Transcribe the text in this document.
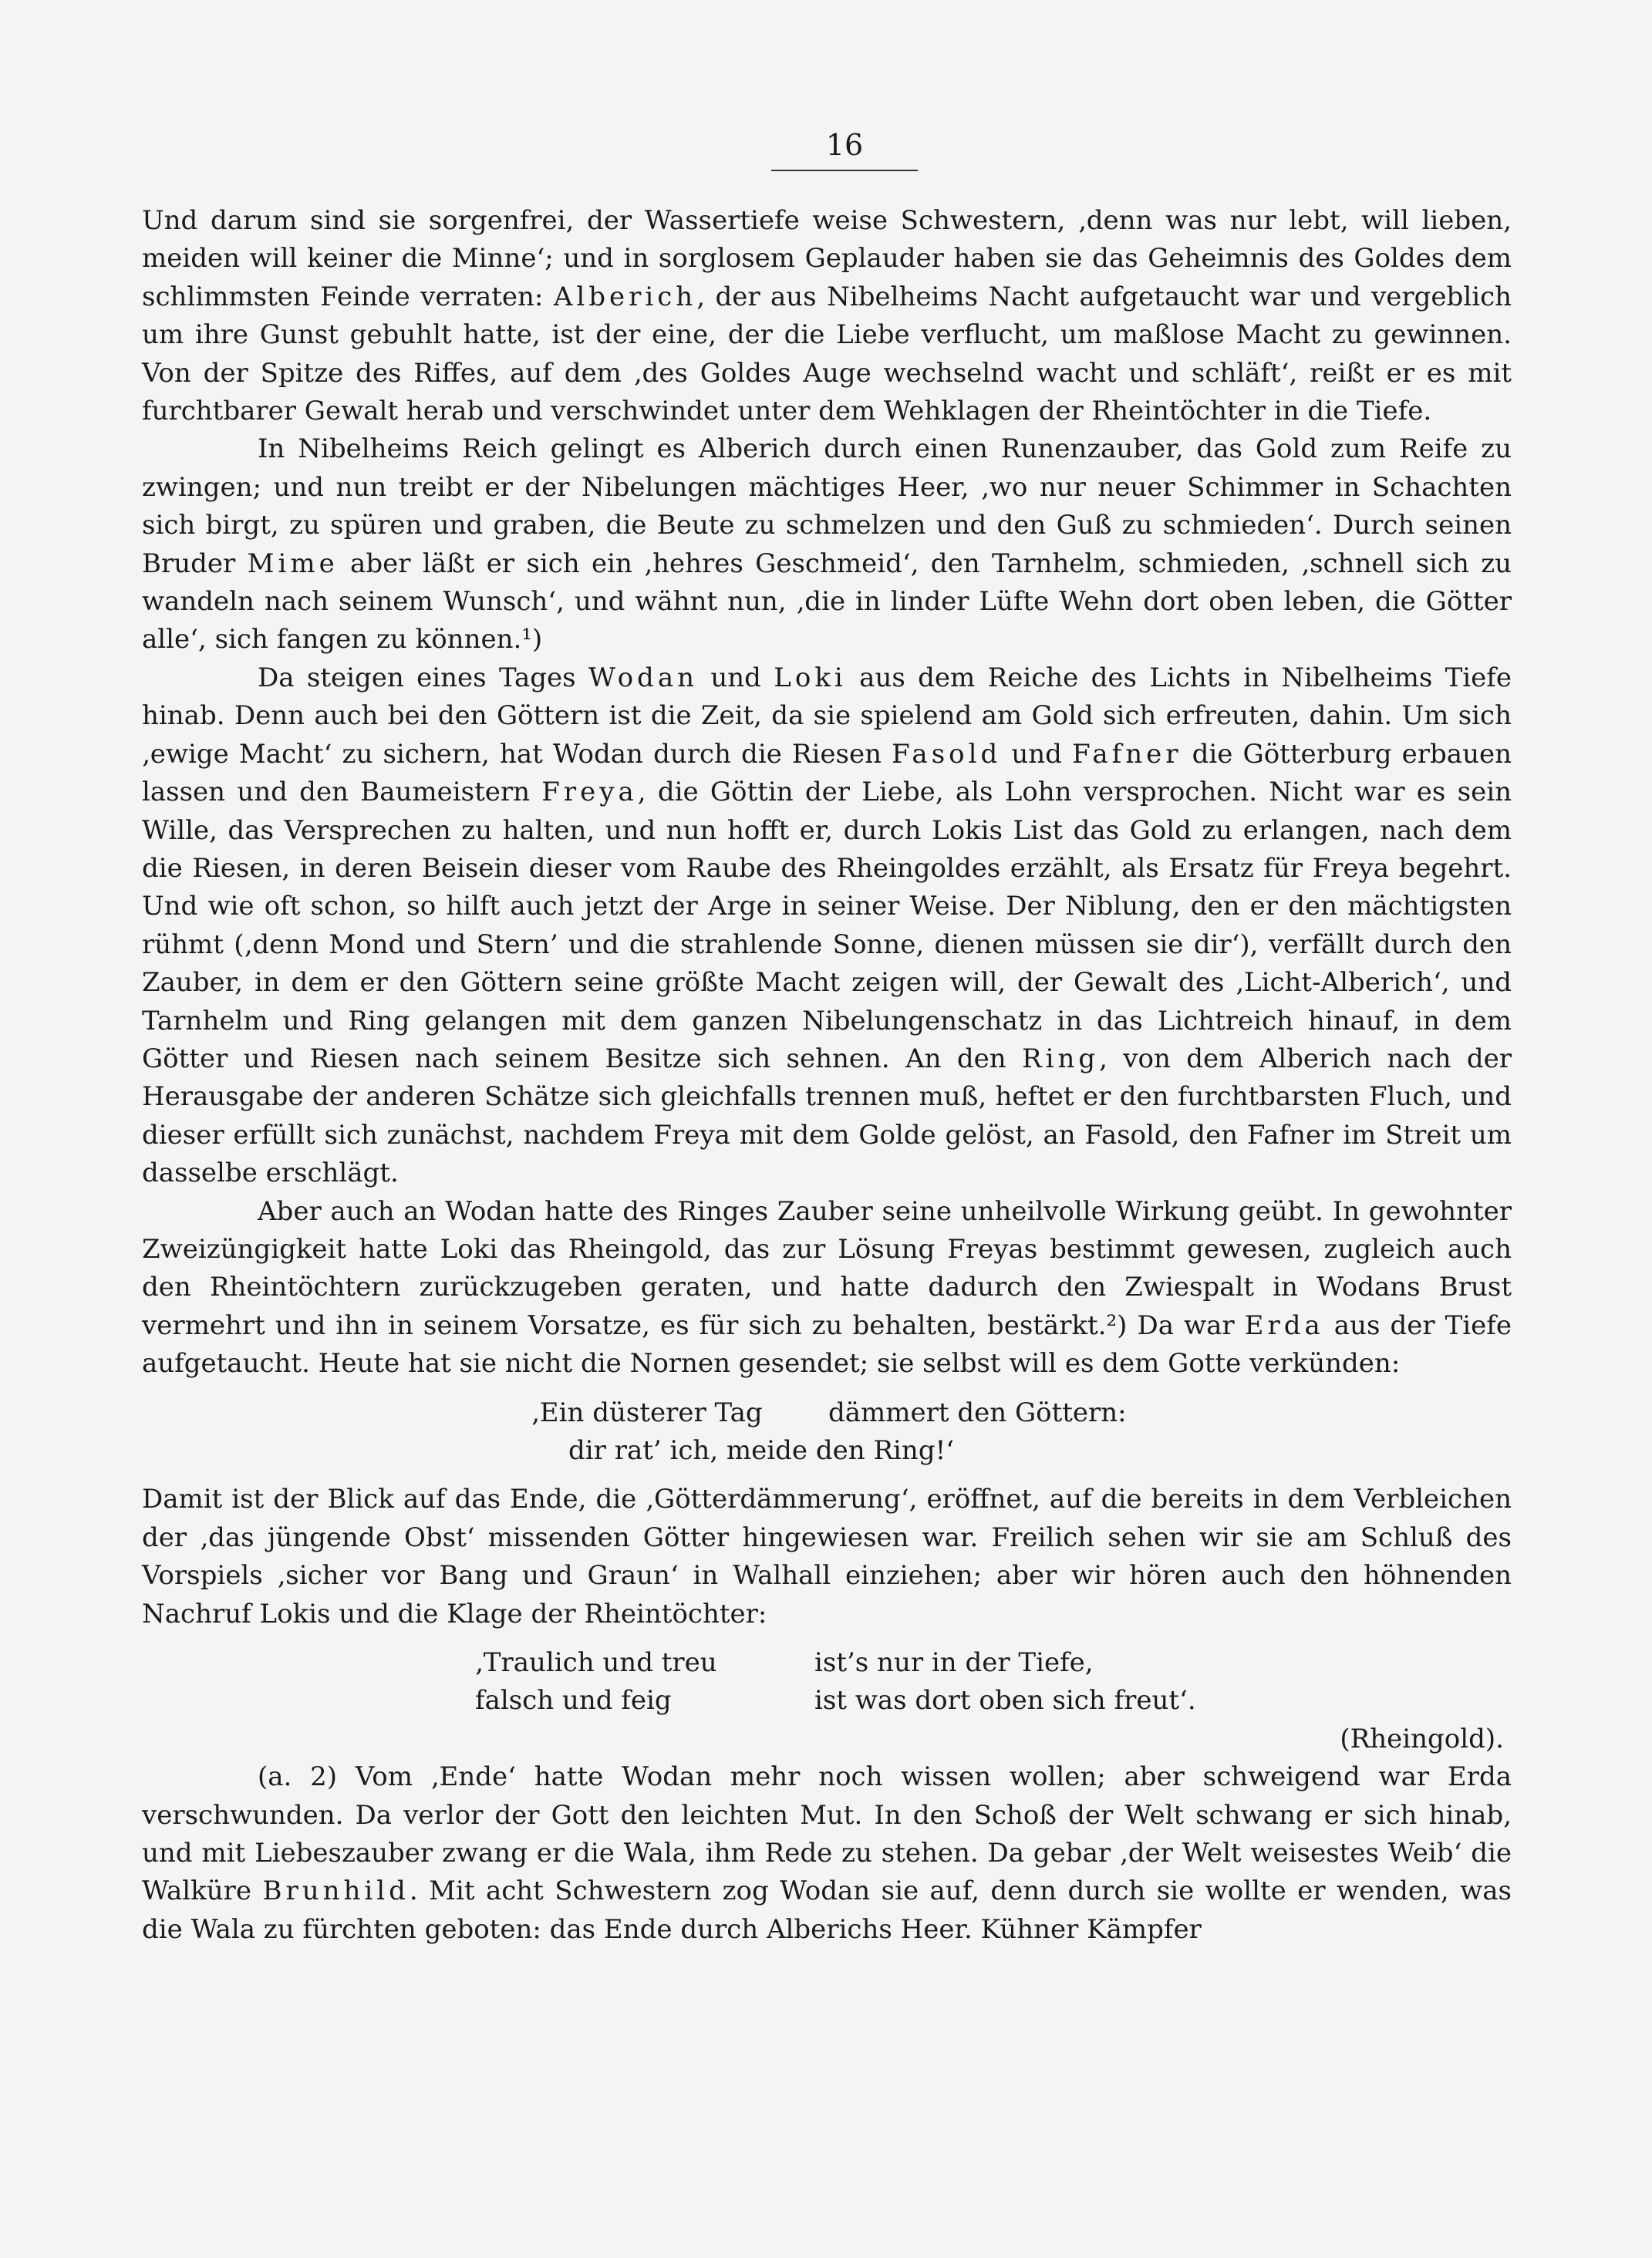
16

Und darum sind sie sorgenfrei, der Wassertiefe weise Schwestern, ‚denn was nur lebt, will lieben, meiden will keiner die Minne‘; und in sorglosem Geplauder haben sie das Geheimnis des Goldes dem schlimmsten Feinde verraten: Alberich, der aus Nibelheims Nacht aufgetaucht war und vergeblich um ihre Gunst gebuhlt hatte, ist der eine, der die Liebe verflucht, um maßlose Macht zu gewinnen. Von der Spitze des Riffes, auf dem ‚des Goldes Auge wechselnd wacht und schläft‘, reißt er es mit furchtbarer Gewalt herab und verschwindet unter dem Wehklagen der Rheintöchter in die Tiefe.

In Nibelheims Reich gelingt es Alberich durch einen Runenzauber, das Gold zum Reife zu zwingen; und nun treibt er der Nibelungen mächtiges Heer, ‚wo nur neuer Schimmer in Schachten sich birgt, zu spüren und graben, die Beute zu schmelzen und den Guß zu schmieden‘. Durch seinen Bruder Mime aber läßt er sich ein ‚hehres Geschmeid‘, den Tarnhelm, schmieden, ‚schnell sich zu wandeln nach seinem Wunsch‘, und wähnt nun, ‚die in linder Lüfte Wehn dort oben leben, die Götter alle‘, sich fangen zu können.¹)

Da steigen eines Tages Wodan und Loki aus dem Reiche des Lichts in Nibelheims Tiefe hinab. Denn auch bei den Göttern ist die Zeit, da sie spielend am Gold sich erfreuten, dahin. Um sich ‚ewige Macht‘ zu sichern, hat Wodan durch die Riesen Fasold und Fafner die Götterburg erbauen lassen und den Baumeistern Freya, die Göttin der Liebe, als Lohn versprochen. Nicht war es sein Wille, das Versprechen zu halten, und nun hofft er, durch Lokis List das Gold zu erlangen, nach dem die Riesen, in deren Beisein dieser vom Raube des Rheingoldes erzählt, als Ersatz für Freya begehrt. Und wie oft schon, so hilft auch jetzt der Arge in seiner Weise. Der Niblung, den er den mächtigsten rühmt (‚denn Mond und Stern’ und die strahlende Sonne, dienen müssen sie dir‘), verfällt durch den Zauber, in dem er den Göttern seine größte Macht zeigen will, der Gewalt des ‚Licht-Alberich‘, und Tarnhelm und Ring gelangen mit dem ganzen Nibelungenschatz in das Lichtreich hinauf, in dem Götter und Riesen nach seinem Besitze sich sehnen. An den Ring, von dem Alberich nach der Herausgabe der anderen Schätze sich gleichfalls trennen muß, heftet er den furchtbarsten Fluch, und dieser erfüllt sich zunächst, nachdem Freya mit dem Golde gelöst, an Fasold, den Fafner im Streit um dasselbe erschlägt.

Aber auch an Wodan hatte des Ringes Zauber seine unheilvolle Wirkung geübt. In gewohnter Zweizüngigkeit hatte Loki das Rheingold, das zur Lösung Freyas bestimmt gewesen, zugleich auch den Rheintöchtern zurückzugeben geraten, und hatte dadurch den Zwiespalt in Wodans Brust vermehrt und ihn in seinem Vorsatze, es für sich zu behalten, bestärkt.²) Da war Erda aus der Tiefe aufgetaucht. Heute hat sie nicht die Nornen gesendet; sie selbst will es dem Gotte verkünden:

‚Ein düsterer Tag	dämmert den Göttern:
dir rat’ ich, meide den Ring!‘

Damit ist der Blick auf das Ende, die ‚Götterdämmerung‘, eröffnet, auf die bereits in dem Verbleichen der ‚das jüngende Obst‘ missenden Götter hingewiesen war. Freilich sehen wir sie am Schluß des Vorspiels ‚sicher vor Bang und Graun‘ in Walhall einziehen; aber wir hören auch den höhnenden Nachruf Lokis und die Klage der Rheintöchter:

‚Traulich und treu	ist’s nur in der Tiefe,
falsch und feig	ist was dort oben sich freut‘.

(Rheingold).

(a. 2) Vom ‚Ende‘ hatte Wodan mehr noch wissen wollen; aber schweigend war Erda verschwunden. Da verlor der Gott den leichten Mut. In den Schoß der Welt schwang er sich hinab, und mit Liebeszauber zwang er die Wala, ihm Rede zu stehen. Da gebar ‚der Welt weisestes Weib‘ die Walküre Brunhild. Mit acht Schwestern zog Wodan sie auf, denn durch sie wollte er wenden, was die Wala zu fürchten geboten: das Ende durch Alberichs Heer. Kühner Kämpfer
